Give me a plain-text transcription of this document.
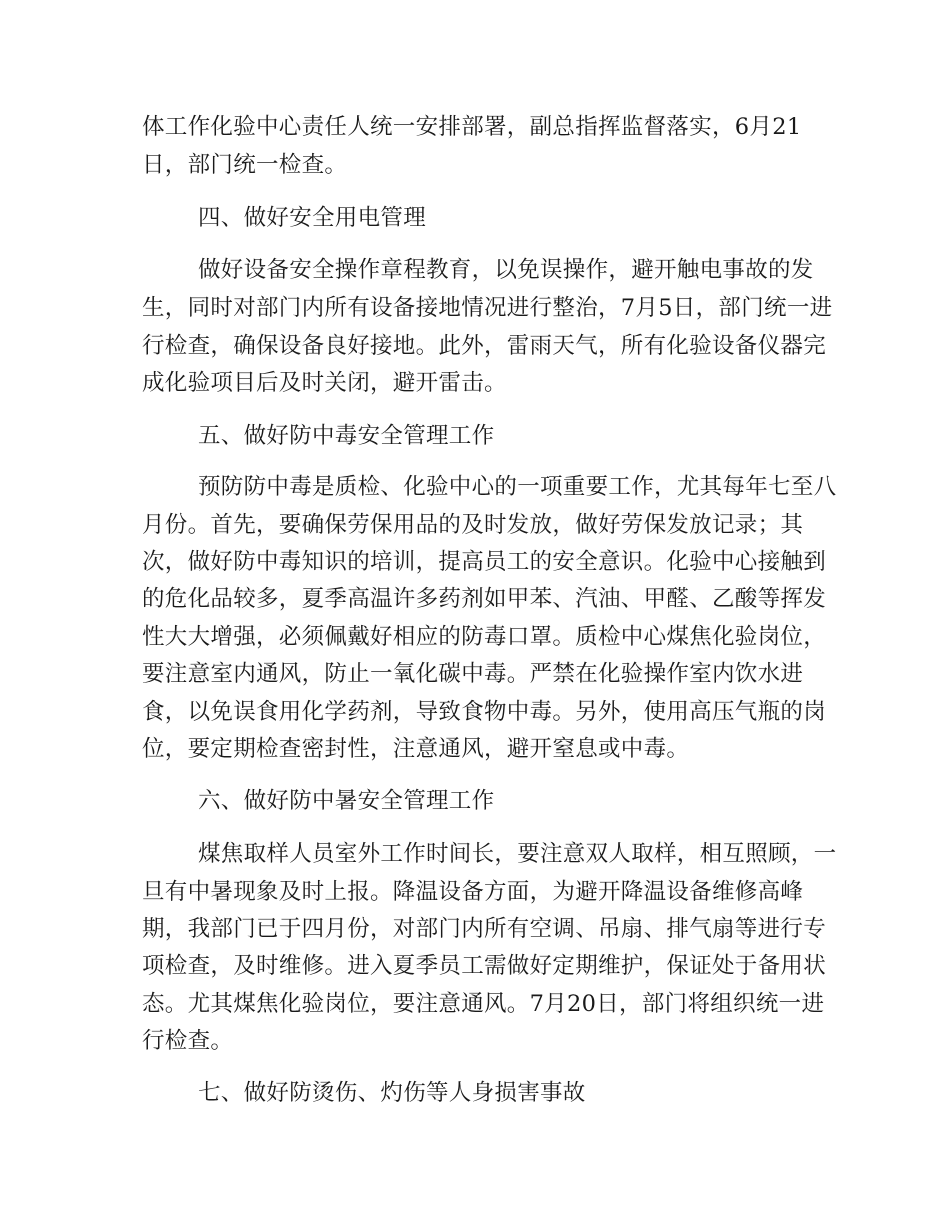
体工作化验中心责任人统一安排部署，副总指挥监督落实，6月21
日，部门统一检查。
四、做好安全用电管理
做好设备安全操作章程教育，以免误操作，避开触电事故的发
生，同时对部门内所有设备接地情况进行整治，7月5日，部门统一进
行检查，确保设备良好接地。此外，雷雨天气，所有化验设备仪器完
成化验项目后及时关闭，避开雷击。
五、做好防中毒安全管理工作
预防防中毒是质检、化验中心的一项重要工作，尤其每年七至八
月份。首先，要确保劳保用品的及时发放，做好劳保发放记录；其
次，做好防中毒知识的培训，提高员工的安全意识。化验中心接触到
的危化品较多，夏季高温许多药剂如甲苯、汽油、甲醛、乙酸等挥发
性大大增强，必须佩戴好相应的防毒口罩。质检中心煤焦化验岗位，
要注意室内通风，防止一氧化碳中毒。严禁在化验操作室内饮水进
食，以免误食用化学药剂，导致食物中毒。另外，使用高压气瓶的岗
位，要定期检查密封性，注意通风，避开窒息或中毒。
六、做好防中暑安全管理工作
煤焦取样人员室外工作时间长，要注意双人取样，相互照顾，一
旦有中暑现象及时上报。降温设备方面，为避开降温设备维修高峰
期，我部门已于四月份，对部门内所有空调、吊扇、排气扇等进行专
项检查，及时维修。进入夏季员工需做好定期维护，保证处于备用状
态。尤其煤焦化验岗位，要注意通风。7月20日，部门将组织统一进
行检查。
七、做好防烫伤、灼伤等人身损害事故
